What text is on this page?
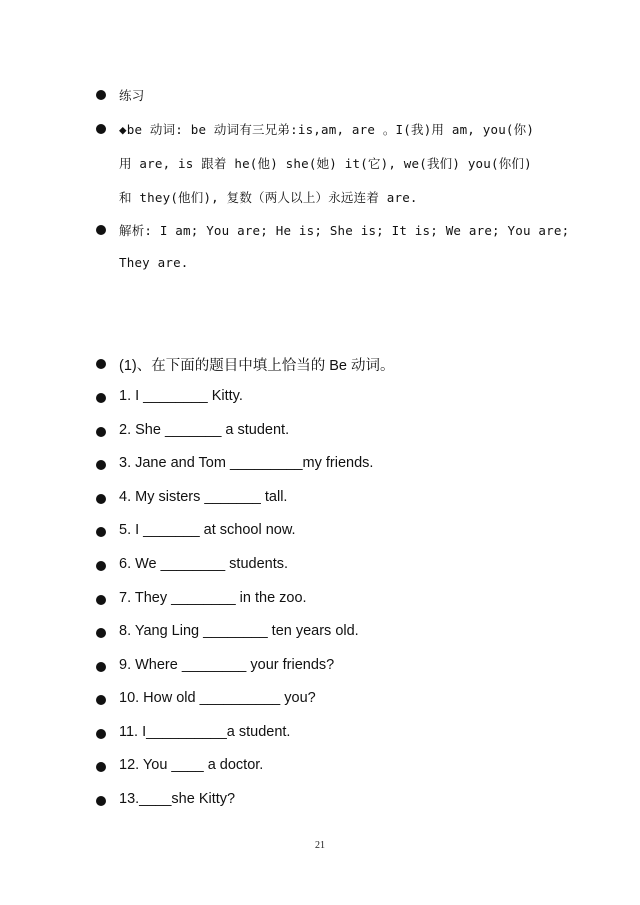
练习
◆be 动词: be 动词有三兄弟:is,am, are 。I(我)用 am, you(你)
用 are, is 跟着 he(他) she(她) it(它), we(我们) you(你们)
和 they(他们), 复数（两人以上）永远连着 are.
解析: I am; You are; He is; She is; It is; We are; You are;
They are.
(1)、在下面的题目中填上恰当的 Be 动词。
1. I ________ Kitty.
2. She _______ a student.
3. Jane and Tom _________my friends.
4. My sisters _______ tall.
5. I _______ at school now.
6. We ________ students.
7. They ________ in the zoo.
8. Yang Ling ________ ten years old.
9. Where ________ your friends?
10. How old __________ you?
11. I__________a student.
12. You ____ a doctor.
13.____she Kitty?
21
